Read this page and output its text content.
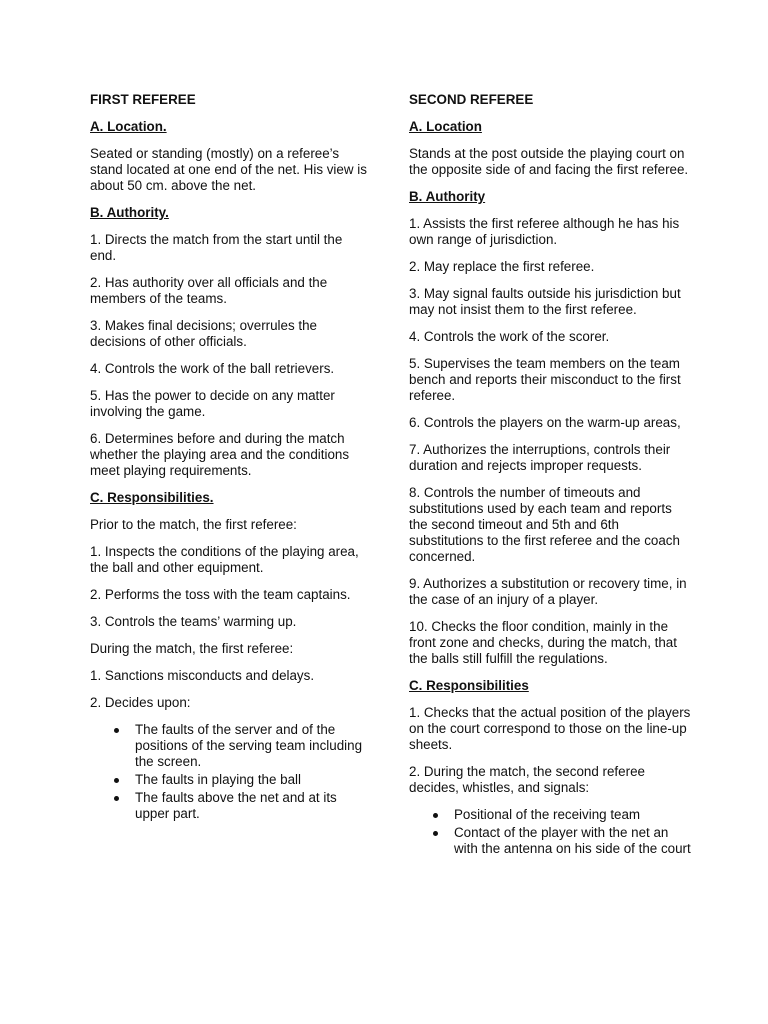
FIRST REFEREE
A. Location.

Seated or standing (mostly) on a referee’s stand located at one end of the net. His view is about 50 cm. above the net.

B. Authority.

1. Directs the match from the start until the end.

2. Has authority over all officials and the members of the teams.

3. Makes final decisions; overrules the decisions of other officials.

4. Controls the work of the ball retrievers.

5. Has the power to decide on any matter involving the game.

6. Determines before and during the match whether the playing area and the conditions meet playing requirements.

C. Responsibilities.

Prior to the match, the first referee:

1. Inspects the conditions of the playing area, the ball and other equipment.

2. Performs the toss with the team captains.

3. Controls the teams’ warming up.

During the match, the first referee:

1. Sanctions misconducts and delays.

2. Decides upon:

The faults of the server and of the positions of the serving team including the screen.
The faults in playing the ball
The faults above the net and at its upper part.
SECOND REFEREE
A. Location

Stands at the post outside the playing court on the opposite side of and facing the first referee.

B. Authority

1. Assists the first referee although he has his own range of jurisdiction.

2. May replace the first referee.

3. May signal faults outside his jurisdiction but may not insist them to the first referee.

4. Controls the work of the scorer.

5. Supervises the team members on the team bench and reports their misconduct to the first referee.

6. Controls the players on the warm-up areas,

7. Authorizes the interruptions, controls their duration and rejects improper requests.

8. Controls the number of timeouts and substitutions used by each team and reports the second timeout and 5th and 6th substitutions to the first referee and the coach concerned.

9. Authorizes a substitution or recovery time, in the case of an injury of a player.

10. Checks the floor condition, mainly in the front zone and checks, during the match, that the balls still fulfill the regulations.

C. Responsibilities

1. Checks that the actual position of the players on the court correspond to those on the line-up sheets.

2. During the match, the second referee decides, whistles, and signals:

Positional of the receiving team
Contact of the player with the net an with the antenna on his side of the court
